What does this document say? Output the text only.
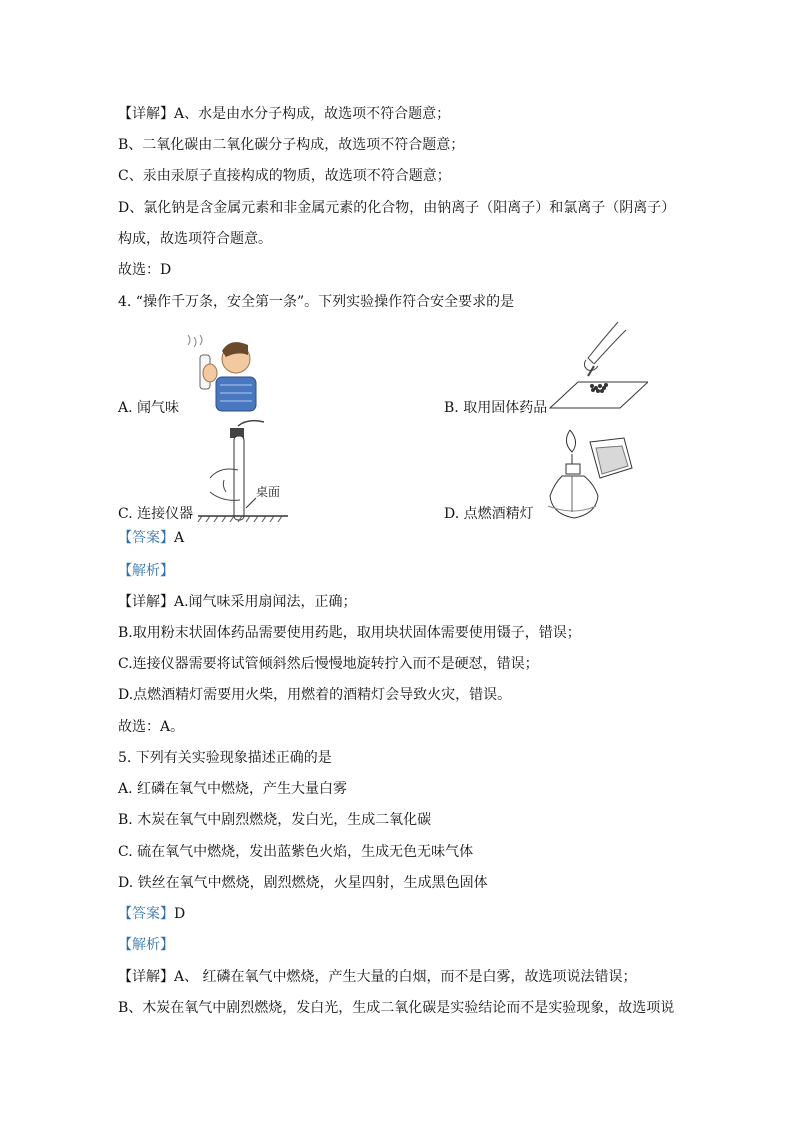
【详解】A、水是由水分子构成，故选项不符合题意；
B、二氧化碳由二氧化碳分子构成，故选项不符合题意；
C、汞由汞原子直接构成的物质，故选项不符合题意；
D、氯化钠是含金属元素和非金属元素的化合物，由钠离子（阳离子）和氯离子（阴离子）
构成，故选项符合题意。
故选：D
4. “操作千万条，安全第一条”。下列实验操作符合安全要求的是
A. 闻气味	B. 取用固体药品
桌面
C. 连接仪器	D. 点燃酒精灯
【答案】A
【解析】
【详解】A.闻气味采用扇闻法，正确；
B.取用粉末状固体药品需要使用药匙，取用块状固体需要使用镊子，错误；
C.连接仪器需要将试管倾斜然后慢慢地旋转拧入而不是硬怼，错误；
D.点燃酒精灯需要用火柴，用燃着的酒精灯会导致火灾，错误。
故选：A。
5. 下列有关实验现象描述正确的是
A. 红磷在氧气中燃烧，产生大量白雾
B. 木炭在氧气中剧烈燃烧，发白光，生成二氧化碳
C. 硫在氧气中燃烧，发出蓝紫色火焰，生成无色无味气体
D. 铁丝在氧气中燃烧，剧烈燃烧，火星四射，生成黑色固体
【答案】D
【解析】
【详解】A、 红磷在氧气中燃烧，产生大量的白烟，而不是白雾，故选项说法错误；
B、木炭在氧气中剧烈燃烧，发白光，生成二氧化碳是实验结论而不是实验现象，故选项说
